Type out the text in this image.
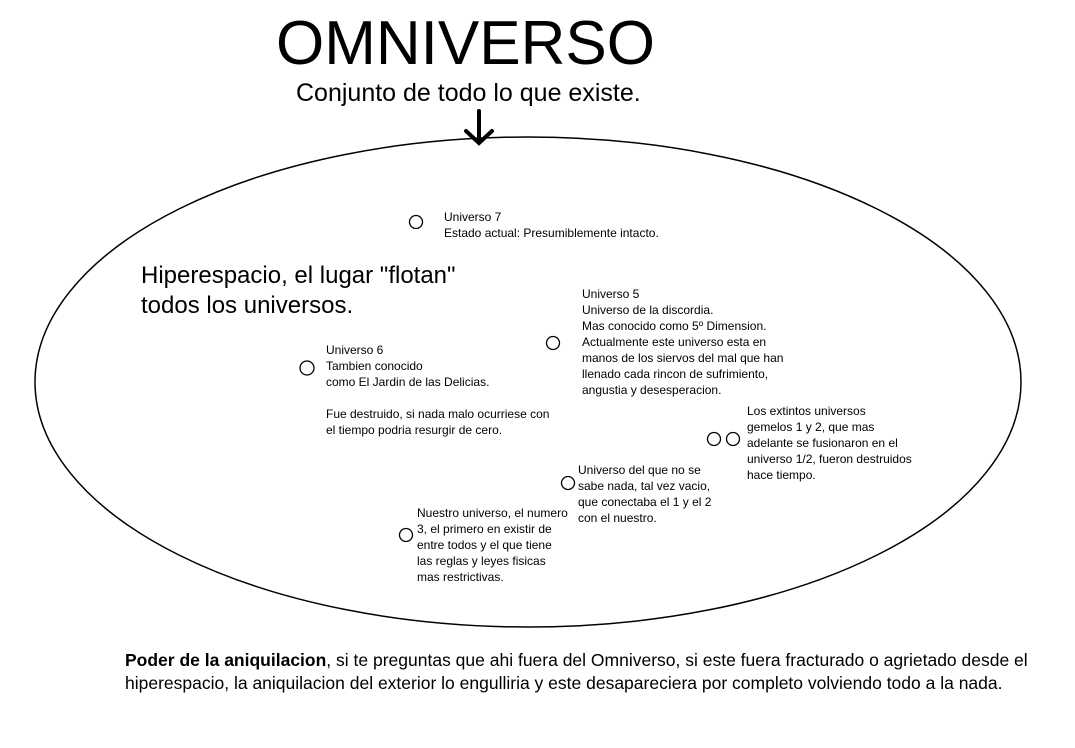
OMNIVERSO
Conjunto de todo lo que existe.
Hiperespacio, el lugar "flotan"
todos los universos.
Universo 7
Estado actual: Presumiblemente intacto.
Universo 5
Universo de la discordia.
Mas conocido como 5º Dimension.
Actualmente este universo esta en
manos de los siervos del mal que han
llenado cada rincon de sufrimiento,
angustia y desesperacion.
Universo 6
Tambien conocido
como El Jardin de las Delicias.
Fue destruido, si nada malo ocurriese con
el tiempo podria resurgir de cero.
Los extintos universos
gemelos 1 y 2, que mas
adelante se fusionaron en el
universo 1/2, fueron destruidos
hace tiempo.
Universo del que no se
sabe nada, tal vez vacio,
que conectaba el 1 y el 2
con el nuestro.
Nuestro universo, el numero
3, el primero en existir de
entre todos y el que tiene
las reglas y leyes fisicas
mas restrictivas.
Poder de la aniquilacion, si te preguntas que ahi fuera del Omniverso, si este fuera fracturado o agrietado desde el hiperespacio, la aniquilacion del exterior lo engulliria y este desapareciera por completo volviendo todo a la nada.
